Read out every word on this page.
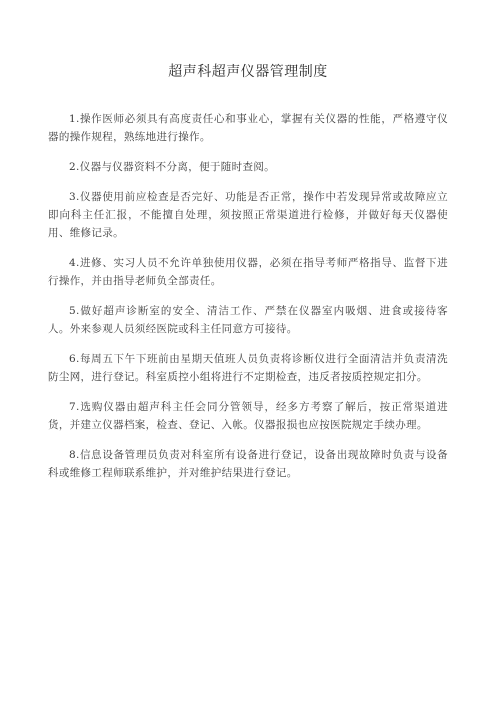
超声科超声仪器管理制度

1.操作医师必须具有高度责任心和事业心，掌握有关仪器的性能，严格遵守仪器的操作规程，熟练地进行操作。

2.仪器与仪器资料不分离，便于随时查阅。

3.仪器使用前应检查是否完好、功能是否正常，操作中若发现异常或故障应立即向科主任汇报，不能擅自处理，须按照正常渠道进行检修，并做好每天仪器使用、维修记录。

4.进修、实习人员不允许单独使用仪器，必须在指导考师严格指导、监督下进行操作，并由指导老师负全部责任。

5.做好超声诊断室的安全、清洁工作、严禁在仪器室内吸烟、进食或接待客人。外来参观人员须经医院或科主任同意方可接待。

6.每周五下午下班前由星期天值班人员负责将诊断仪进行全面清洁并负责清洗防尘网，进行登记。科室质控小组将进行不定期检查，违反者按质控规定扣分。

7.选购仪器由超声科主任会同分管领导，经多方考察了解后，按正常渠道进货，并建立仪器档案，检查、登记、入帐。仪器报损也应按医院规定手续办理。

8.信息设备管理员负责对科室所有设备进行登记，设备出现故障时负责与设备科或维修工程师联系维护，并对维护结果进行登记。
